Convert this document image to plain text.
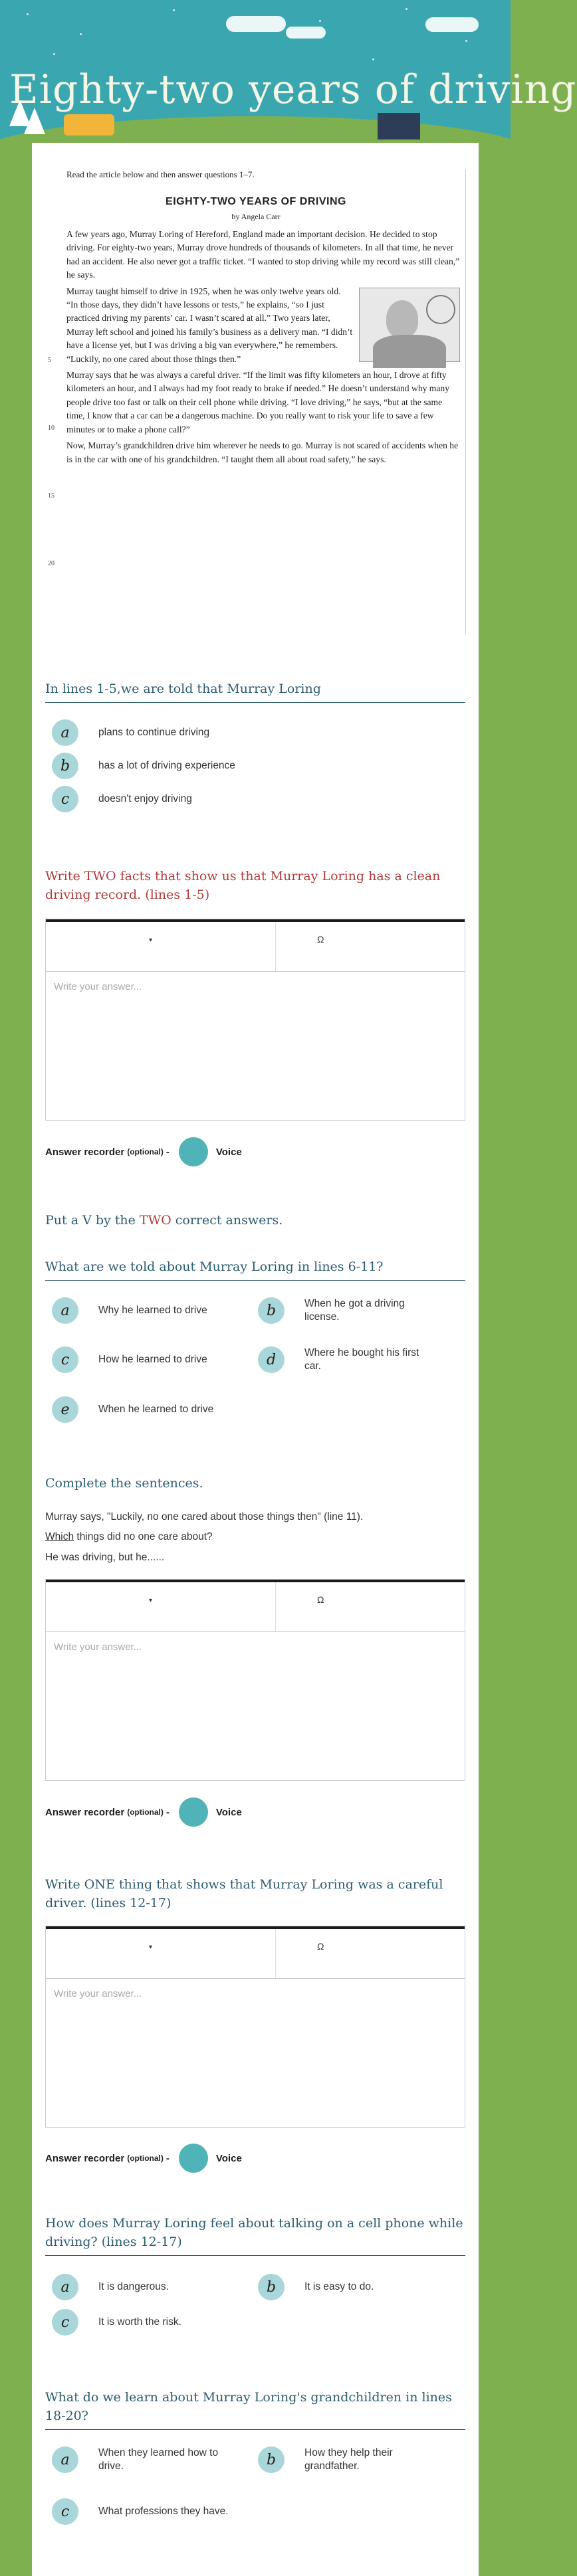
Eighty-two years of driving
Read the article below and then answer questions 1–7.
EIGHTY-TWO YEARS OF DRIVING
by Angela Carr
5
10
15
20

A few years ago, Murray Loring of Hereford, England made an important decision. He decided to stop driving. For eighty-two years, Murray drove hundreds of thousands of kilometers. In all that time, he never had an accident. He also never got a traffic ticket. “I wanted to stop driving while my record was still clean,” he says.

Murray taught himself to drive in 1925, when he was only twelve years old. “In those days, they didn’t have lessons or tests,” he explains, “so I just practiced driving my parents’ car. I wasn’t scared at all.” Two years later, Murray left school and joined his family’s business as a delivery man. “I didn’t have a license yet, but I was driving a big van everywhere,” he remembers. “Luckily, no one cared about those things then.”

Murray says that he was always a careful driver. “If the limit was fifty kilometers an hour, I drove at fifty kilometers an hour, and I always had my foot ready to brake if needed.” He doesn’t understand why many people drive too fast or talk on their cell phone while driving. “I love driving,” he says, “but at the same time, I know that a car can be a dangerous machine. Do you really want to risk your life to save a few minutes or to make a phone call?”

Now, Murray’s grandchildren drive him wherever he needs to go. Murray is not scared of accidents when he is in the car with one of his grandchildren. “I taught them all about road safety,” he says.

In lines 1-5,we are told that Murray Loring
a	plans to continue driving
b	has a lot of driving experience
c	doesn't enjoy driving
Write TWO facts that show us that Murray Loring has a clean driving record. (lines 1-5)
▾	Ω
Write your answer...
Answer recorder (optional) -	Voice
Put a V by the TWO correct answers.
What are we told about Murray Loring in lines 6-11?
a	Why he learned to drive	b	When he got a driving license.
c	How he learned to drive	d	Where he bought his first car.
e	When he learned to drive
Complete the sentences.
Murray says, "Luckily, no one cared about those things then" (line 11).
Which things did no one care about?
He was driving, but he......
▾	Ω
Write your answer...
Answer recorder (optional) -	Voice
Write ONE thing that shows that Murray Loring was a careful driver. (lines 12-17)
▾	Ω
Write your answer...
Answer recorder (optional) -	Voice
How does Murray Loring feel about talking on a cell phone while driving? (lines 12-17)
a	It is dangerous.	b	It is easy to do.
c	It is worth the risk.
What do we learn about Murray Loring's grandchildren in lines 18-20?
a	When they learned how to drive.	b	How they help their grandfather.
c	What professions they have.
